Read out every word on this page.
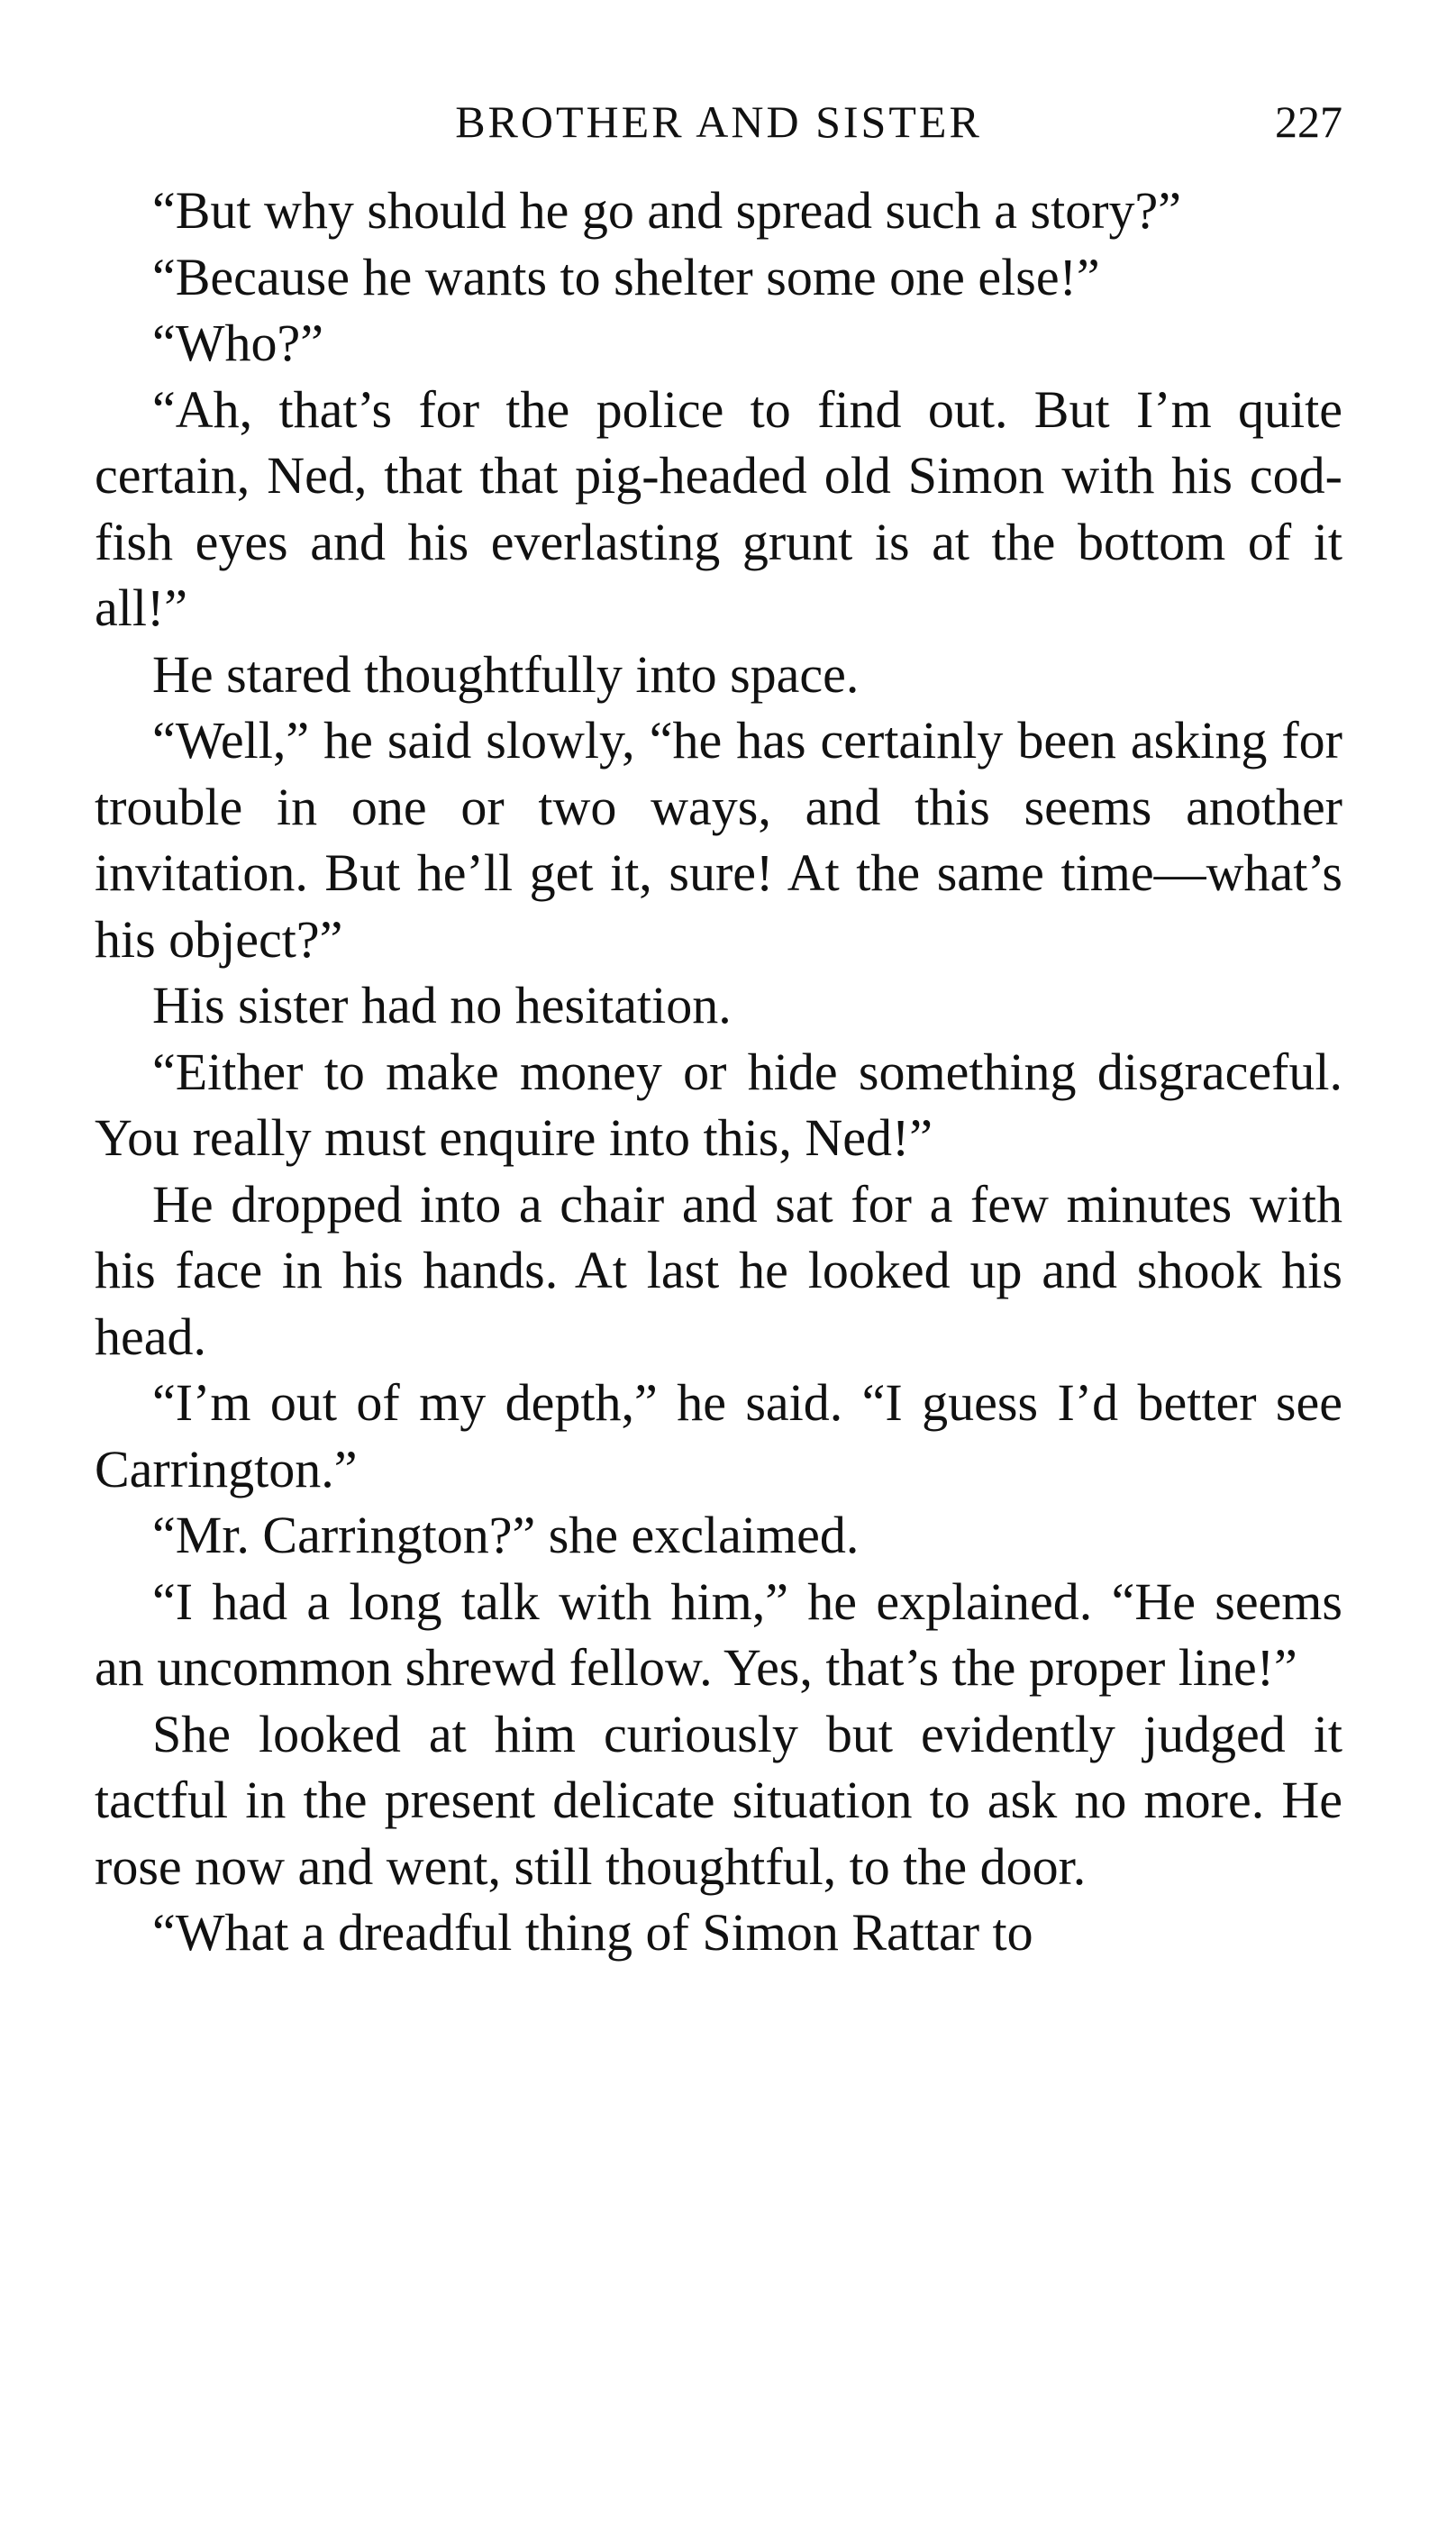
BROTHER AND SISTER	227

“But why should he go and spread such a story?”

“Because he wants to shelter some one else!”

“Who?”

“Ah, that’s for the police to find out. But I’m quite certain, Ned, that that pig-headed old Simon with his cod-fish eyes and his everlasting grunt is at the bottom of it all!”

He stared thoughtfully into space.

“Well,” he said slowly, “he has certainly been asking for trouble in one or two ways, and this seems another invitation. But he’ll get it, sure! At the same time—what’s his object?”

His sister had no hesitation.

“Either to make money or hide something disgraceful. You really must enquire into this, Ned!”

He dropped into a chair and sat for a few minutes with his face in his hands. At last he looked up and shook his head.

“I’m out of my depth,” he said. “I guess I’d better see Carrington.”

“Mr. Carrington?” she exclaimed.

“I had a long talk with him,” he explained. “He seems an uncommon shrewd fellow. Yes, that’s the proper line!”

She looked at him curiously but evidently judged it tactful in the present delicate situation to ask no more. He rose now and went, still thoughtful, to the door.

“What a dreadful thing of Simon Rattar to
